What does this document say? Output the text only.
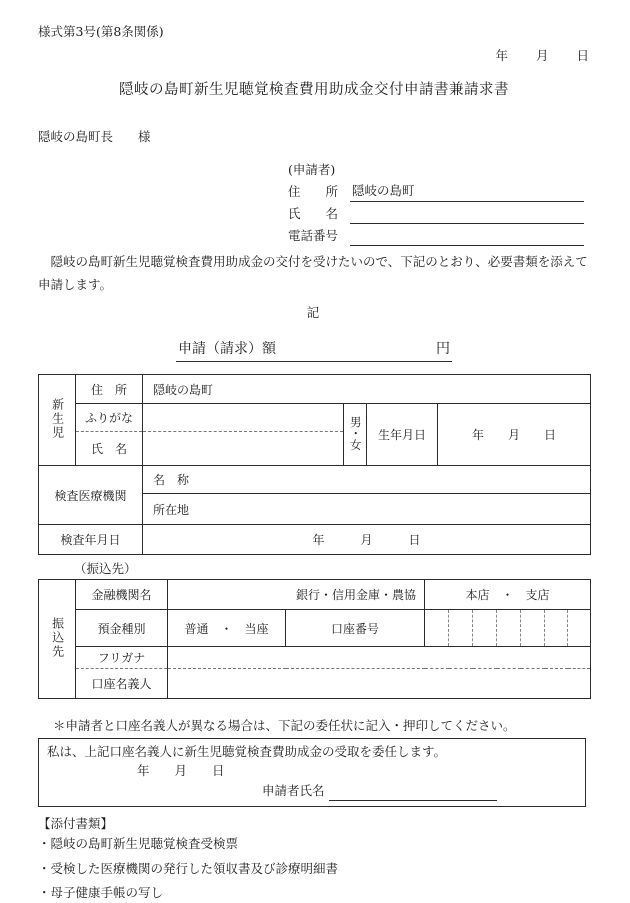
様式第3号(第8条関係)
年　　月　　日
隠岐の島町新生児聴覚検査費用助成金交付申請書兼請求書
隠岐の島町長　　様
(申請者)
住　　所	隠岐の島町
氏　　名
電話番号
　隠岐の島町新生児聴覚検査費用助成金の交付を受けたいので、下記のとおり、必要書類を添えて
申請します。
記
申請（請求）額	円
新生児	住　所	隠岐の島町			
	ふりがな		男・女	生年月日	年　　月　　日
	氏　名				
検査医療機関		名　称			
		所在地			
検査年月日		年　　　月　　　日			
（振込先）
振込先	金融機関名	銀行・信用金庫・農協		本店　・　支店						
	預金種別	普通　・　当座	口座番号							
	フリガナ									
	口座名義人									
＊申請者と口座名義人が異なる場合は、下記の委任状に記入・押印してください。
私は、上記口座名義人に新生児聴覚検査費助成金の受取を委任します。
年　　月　　日
申請者氏名
【添付書類】
・隠岐の島町新生児聴覚検査受検票
・受検した医療機関の発行した領収書及び診療明細書
・母子健康手帳の写し
